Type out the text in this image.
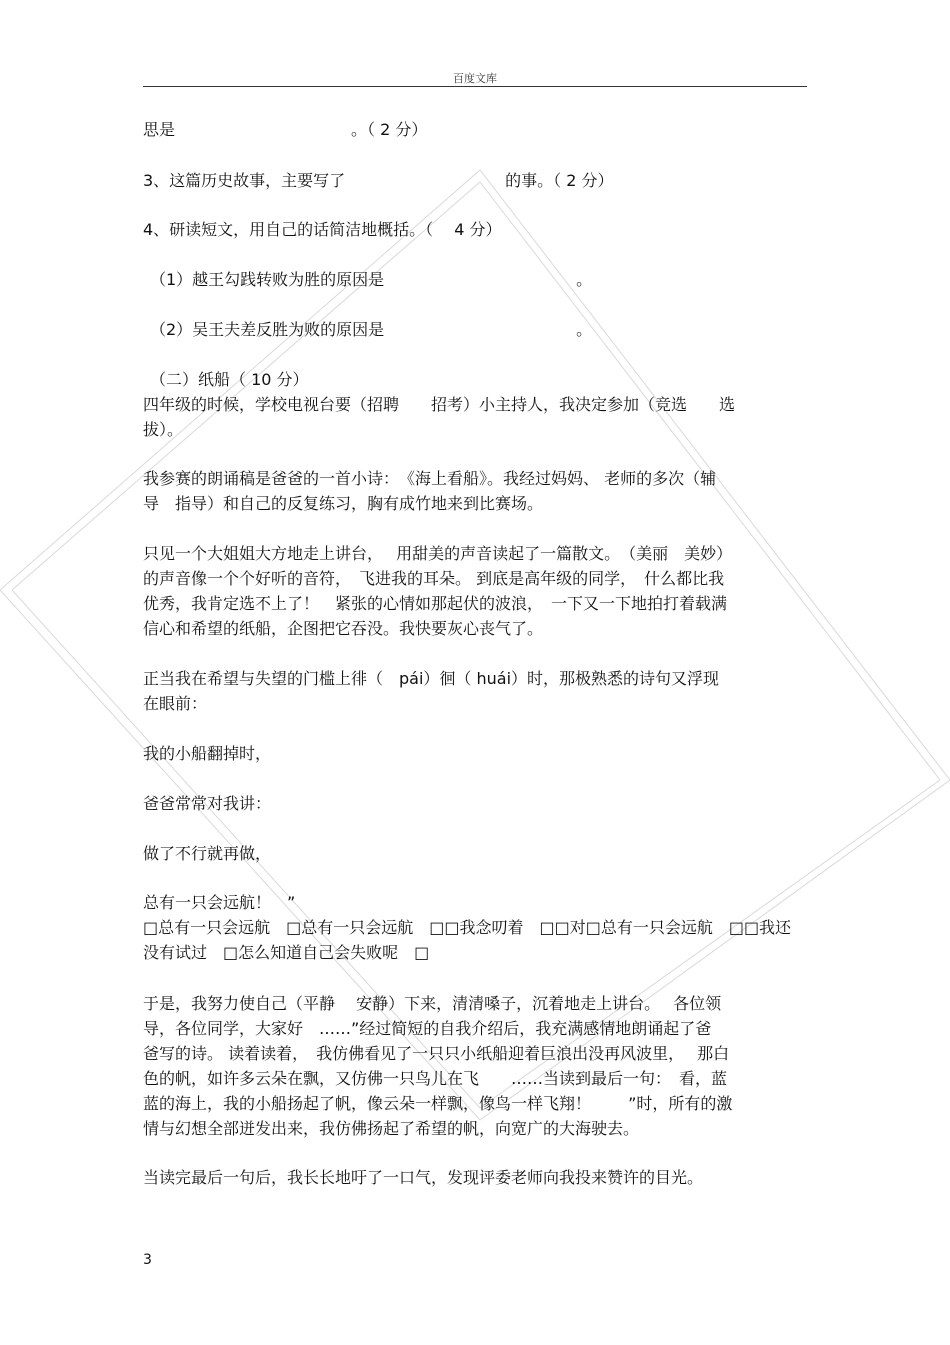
百度文库
思是　　　　　　　　　　　。（ 2 分）
3、这篇历史故事，主要写了　　　　　　　　　　的事。（ 2 分）
4、研读短文，用自己的话简洁地概括。（　 4 分）
（1）越王勾践转败为胜的原因是　　　　　　　　　　　　。
（2）吴王夫差反胜为败的原因是　　　　　　　　　　　　。
（二）纸船（ 10 分）
四年级的时候，学校电视台要（招聘　　招考）小主持人，我决定参加（竞选　　选
拔）。
我参赛的朗诵稿是爸爸的一首小诗：　《海上看船》。我经过妈妈、 老师的多次（辅
导　指导）和自己的反复练习，胸有成竹地来到比赛场。
只见一个大姐姐大方地走上讲台，　 用甜美的声音读起了一篇散文。　（美丽　美妙）
的声音像一个个好听的音符，　飞进我的耳朵。 到底是高年级的同学，　什么都比我
优秀，我肯定选不上了！　紧张的心情如那起伏的波浪，　一下又一下地拍打着载满
信心和希望的纸船，企图把它吞没。我快要灰心丧气了。
正当我在希望与失望的门槛上徘（　pái）徊（ huái）时，那极熟悉的诗句又浮现
在眼前：
我的小船翻掉时，
爸爸常常对我讲：
做了不行就再做，
总有一只会远航！　”
□总有一只会远航　□总有一只会远航　□□我念叨着　□□对□总有一只会远航　□□我还
没有试过　□怎么知道自己会失败呢　□
于是，我努力使自己（平静　 安静）下来，清清嗓子，沉着地走上讲台。　 各位领
导，各位同学，大家好　……”经过简短的自我介绍后，我充满感情地朗诵起了爸
爸写的诗。 读着读着，　我仿佛看见了一只只小纸船迎着巨浪出没再风波里，　 那白
色的帆，如许多云朵在飘，又仿佛一只鸟儿在飞　　……当读到最后一句：　看，蓝
蓝的海上，我的小船扬起了帆，像云朵一样飘，像鸟一样飞翔！　　 ”时，所有的激
情与幻想全部迸发出来，我仿佛扬起了希望的帆，向宽广的大海驶去。
当读完最后一句后，我长长地吁了一口气，发现评委老师向我投来赞许的目光。
3
